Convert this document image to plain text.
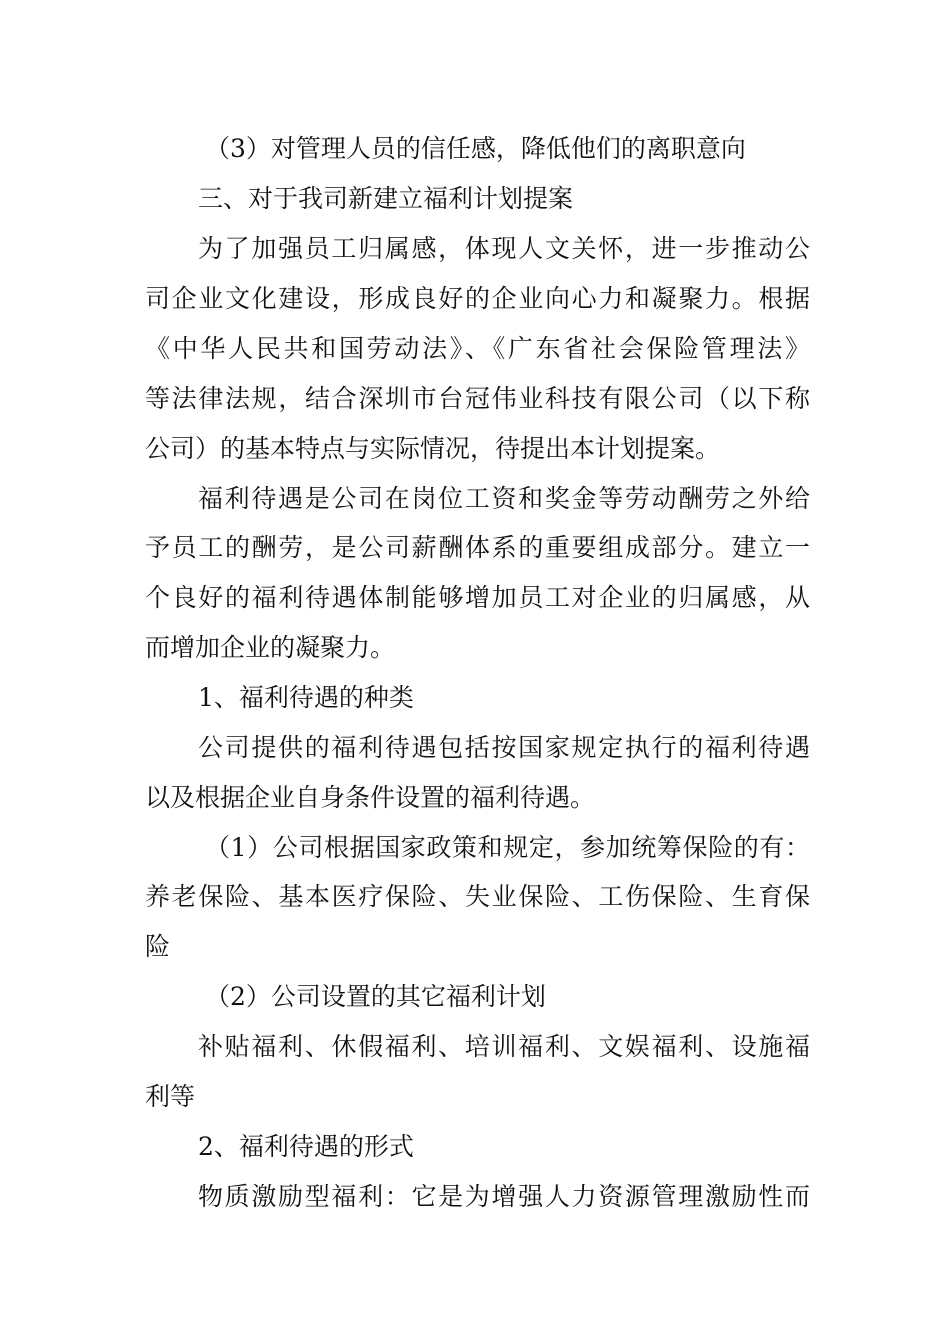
（3）对管理人员的信任感，降低他们的离职意向
三、对于我司新建立福利计划提案
为了加强员工归属感，体现人文关怀，进一步推动公
司企业文化建设，形成良好的企业向心力和凝聚力。根据
《中华人民共和国劳动法》、《广东省社会保险管理法》
等法律法规，结合深圳市台冠伟业科技有限公司（以下称
公司）的基本特点与实际情况，待提出本计划提案。
福利待遇是公司在岗位工资和奖金等劳动酬劳之外给
予员工的酬劳，是公司薪酬体系的重要组成部分。建立一
个良好的福利待遇体制能够增加员工对企业的归属感，从
而增加企业的凝聚力。
1、福利待遇的种类
公司提供的福利待遇包括按国家规定执行的福利待遇
以及根据企业自身条件设置的福利待遇。
（1）公司根据国家政策和规定，参加统筹保险的有：
养老保险、基本医疗保险、失业保险、工伤保险、生育保
险
（2）公司设置的其它福利计划
补贴福利、休假福利、培训福利、文娱福利、设施福
利等
2、福利待遇的形式
物质激励型福利：它是为增强人力资源管理激励性而
